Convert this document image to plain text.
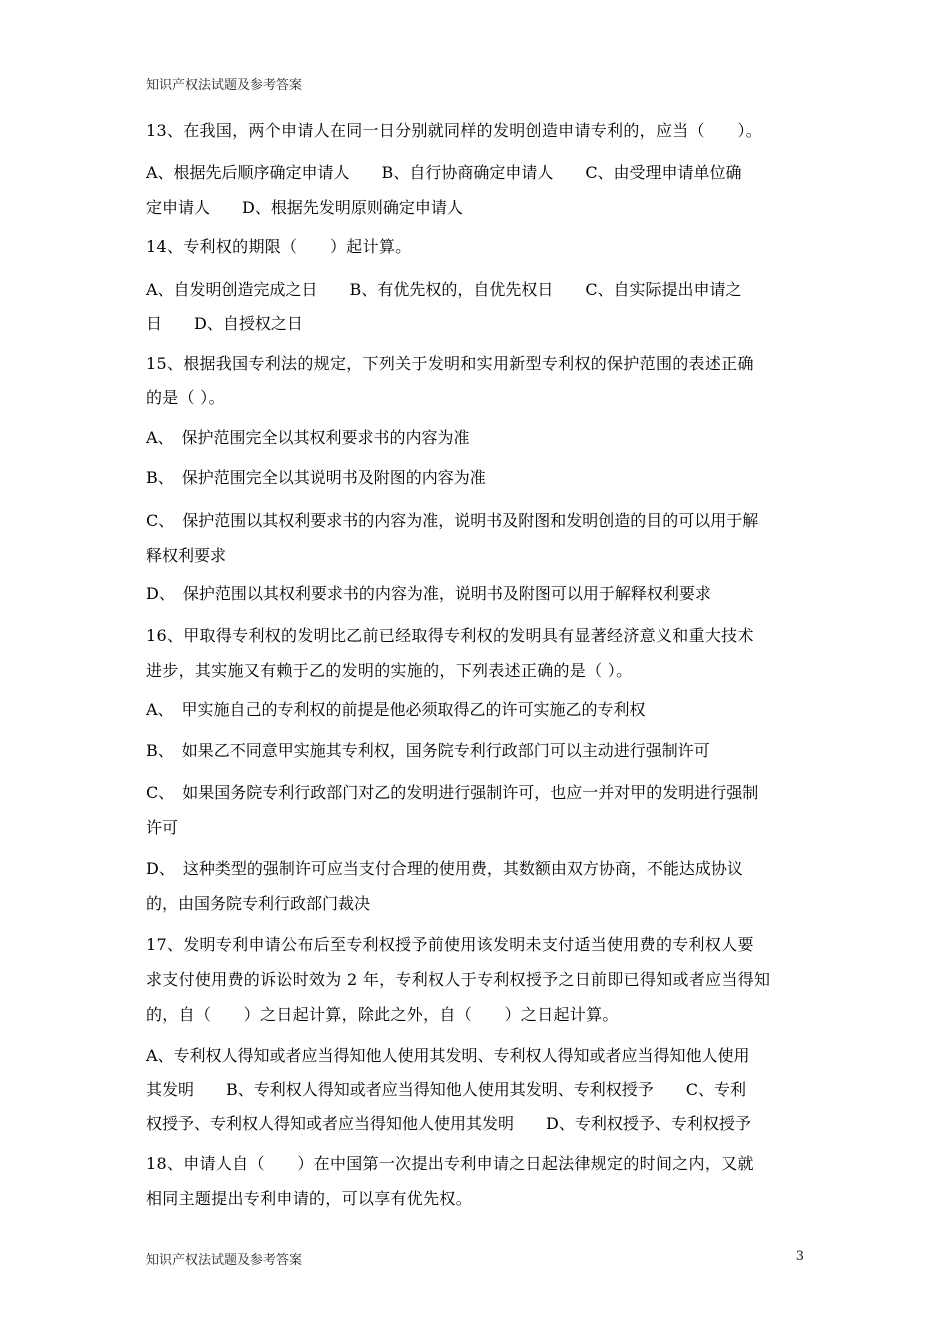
知识产权法试题及参考答案
13、在我国，两个申请人在同一日分别就同样的发明创造申请专利的，应当（　　）。
A、根据先后顺序确定申请人　　B、自行协商确定申请人　　C、由受理申请单位确
定申请人　　D、根据先发明原则确定申请人
14、专利权的期限（　　）起计算。
A、自发明创造完成之日　　B、有优先权的，自优先权日　　C、自实际提出申请之
日　　D、自授权之日
15、根据我国专利法的规定，下列关于发明和实用新型专利权的保护范围的表述正确
的是（ ）。
A、　保护范围完全以其权利要求书的内容为准
B、　保护范围完全以其说明书及附图的内容为准
C、　保护范围以其权利要求书的内容为准，说明书及附图和发明创造的目的可以用于解
释权利要求
D、　保护范围以其权利要求书的内容为准，说明书及附图可以用于解释权利要求
16、甲取得专利权的发明比乙前已经取得专利权的发明具有显著经济意义和重大技术
进步，其实施又有赖于乙的发明的实施的，下列表述正确的是（ ）。
A、　甲实施自己的专利权的前提是他必须取得乙的许可实施乙的专利权
B、　如果乙不同意甲实施其专利权，国务院专利行政部门可以主动进行强制许可
C、　如果国务院专利行政部门对乙的发明进行强制许可，也应一并对甲的发明进行强制
许可
D、　这种类型的强制许可应当支付合理的使用费，其数额由双方协商，不能达成协议
的，由国务院专利行政部门裁决
17、发明专利申请公布后至专利权授予前使用该发明未支付适当使用费的专利权人要
求支付使用费的诉讼时效为 2 年，专利权人于专利权授予之日前即已得知或者应当得知
的，自（　　）之日起计算，除此之外，自（　　）之日起计算。
A、专利权人得知或者应当得知他人使用其发明、专利权人得知或者应当得知他人使用
其发明　　B、专利权人得知或者应当得知他人使用其发明、专利权授予　　C、专利
权授予、专利权人得知或者应当得知他人使用其发明　　D、专利权授予、专利权授予
18、申请人自（　　）在中国第一次提出专利申请之日起法律规定的时间之内，又就
相同主题提出专利申请的，可以享有优先权。
知识产权法试题及参考答案	3
